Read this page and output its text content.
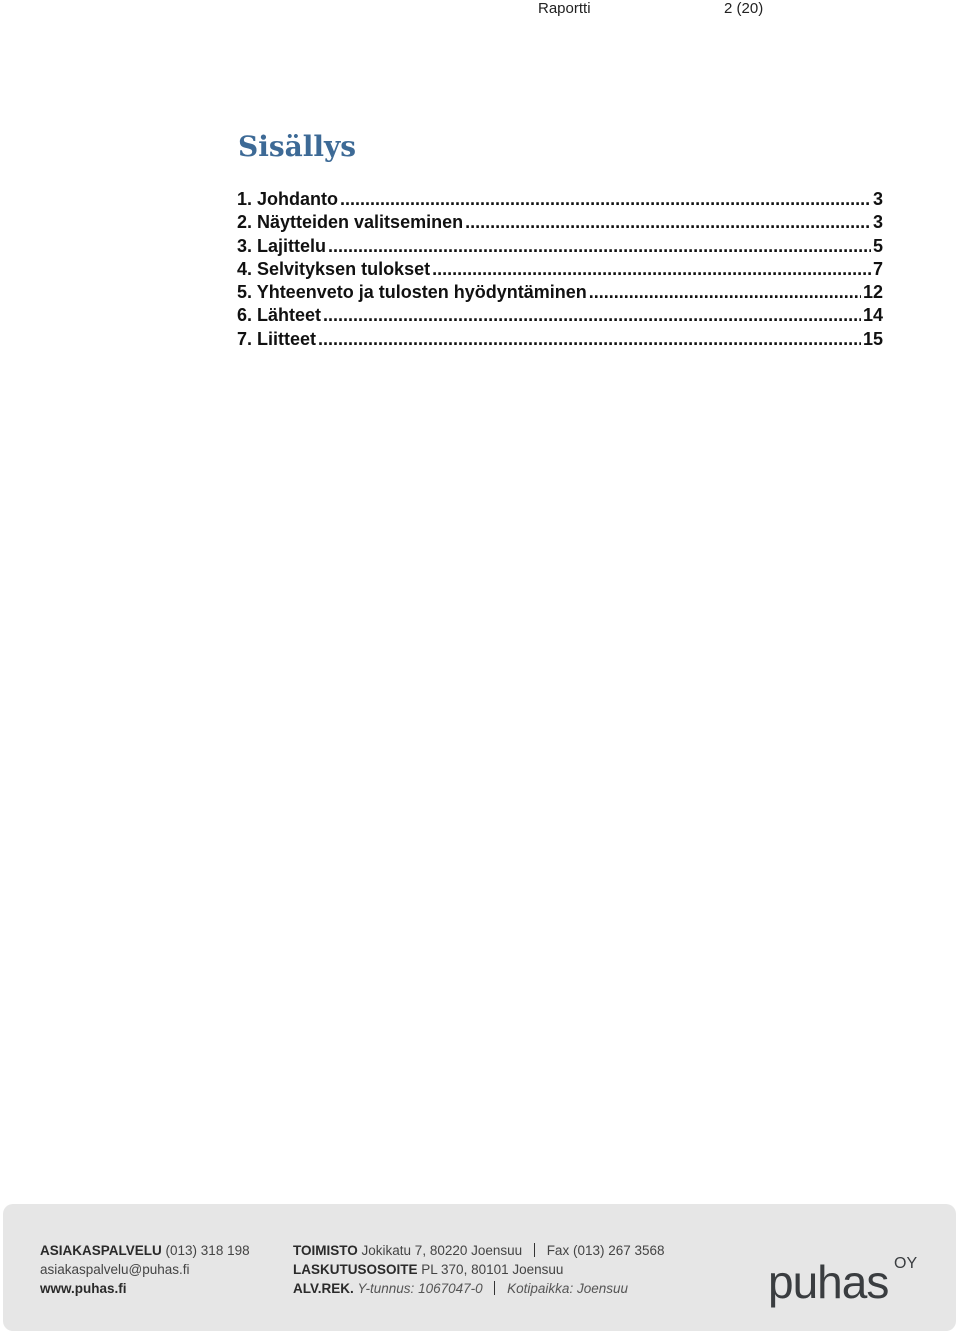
Raportti	2 (20)
Sisällys
1. Johdanto .....	3
2. Näytteiden valitseminen .....	3
3. Lajittelu .....	5
4. Selvityksen tulokset .....	7
5. Yhteenveto ja tulosten hyödyntäminen .....	12
6. Lähteet .....	14
7. Liitteet .....	15
ASIAKASPALVELU (013) 318 198
asiakaspalvelu@puhas.fi
www.puhas.fi
TOIMISTO Jokikatu 7, 80220 Joensuu Fax (013) 267 3568
LASKUTUSOSOITE PL 370, 80101 Joensuu
ALV.REK. Y-tunnus: 1067047-0 Kotipaikka: Joensuu	puhas OY
